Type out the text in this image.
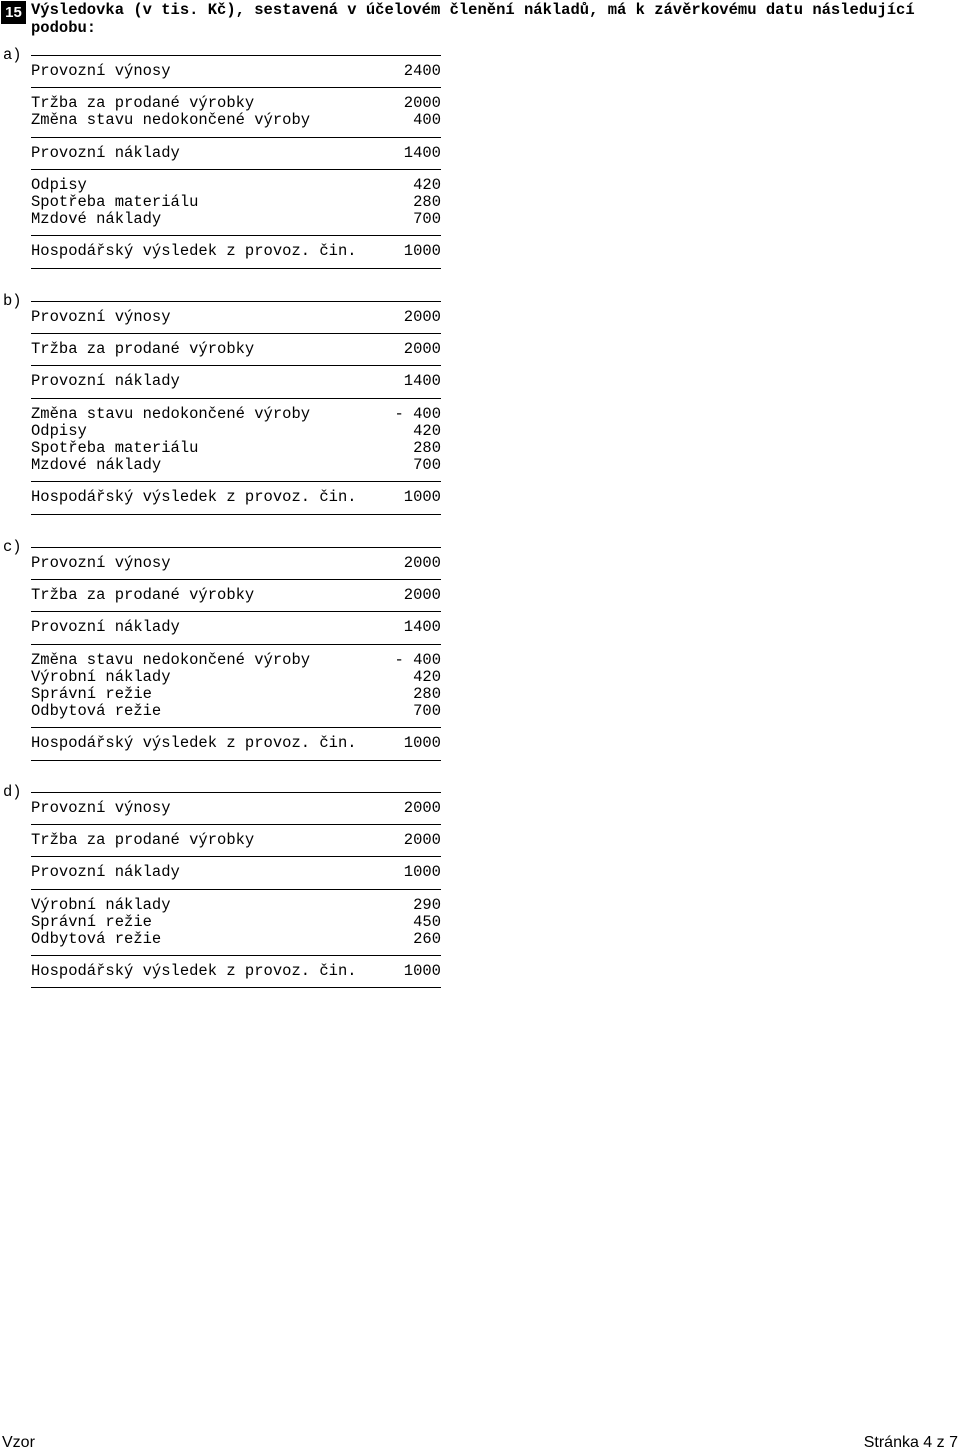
15 Výsledovka (v tis. Kč), sestavená v účelovém členění nákladů, má k závěrkovému datu následující podobu:
a)
Provozní výnosy	2400
Tržba za prodané výrobky	2000
Změna stavu nedokončené výroby	400
Provozní náklady	1400
Odpisy	420
Spotřeba materiálu	280
Mzdové náklady	700
Hospodářský výsledek z provoz. čin.	1000
b)
Provozní výnosy	2000
Tržba za prodané výrobky	2000
Provozní náklady	1400
Změna stavu nedokončené výroby	- 400
Odpisy	420
Spotřeba materiálu	280
Mzdové náklady	700
Hospodářský výsledek z provoz. čin.	1000
c)
Provozní výnosy	2000
Tržba za prodané výrobky	2000
Provozní náklady	1400
Změna stavu nedokončené výroby	- 400
Výrobní náklady	420
Správní režie	280
Odbytová režie	700
Hospodářský výsledek z provoz. čin.	1000
d)
Provozní výnosy	2000
Tržba za prodané výrobky	2000
Provozní náklady	1000
Výrobní náklady	290
Správní režie	450
Odbytová režie	260
Hospodářský výsledek z provoz. čin.	1000
Vzor	Stránka 4 z 7
